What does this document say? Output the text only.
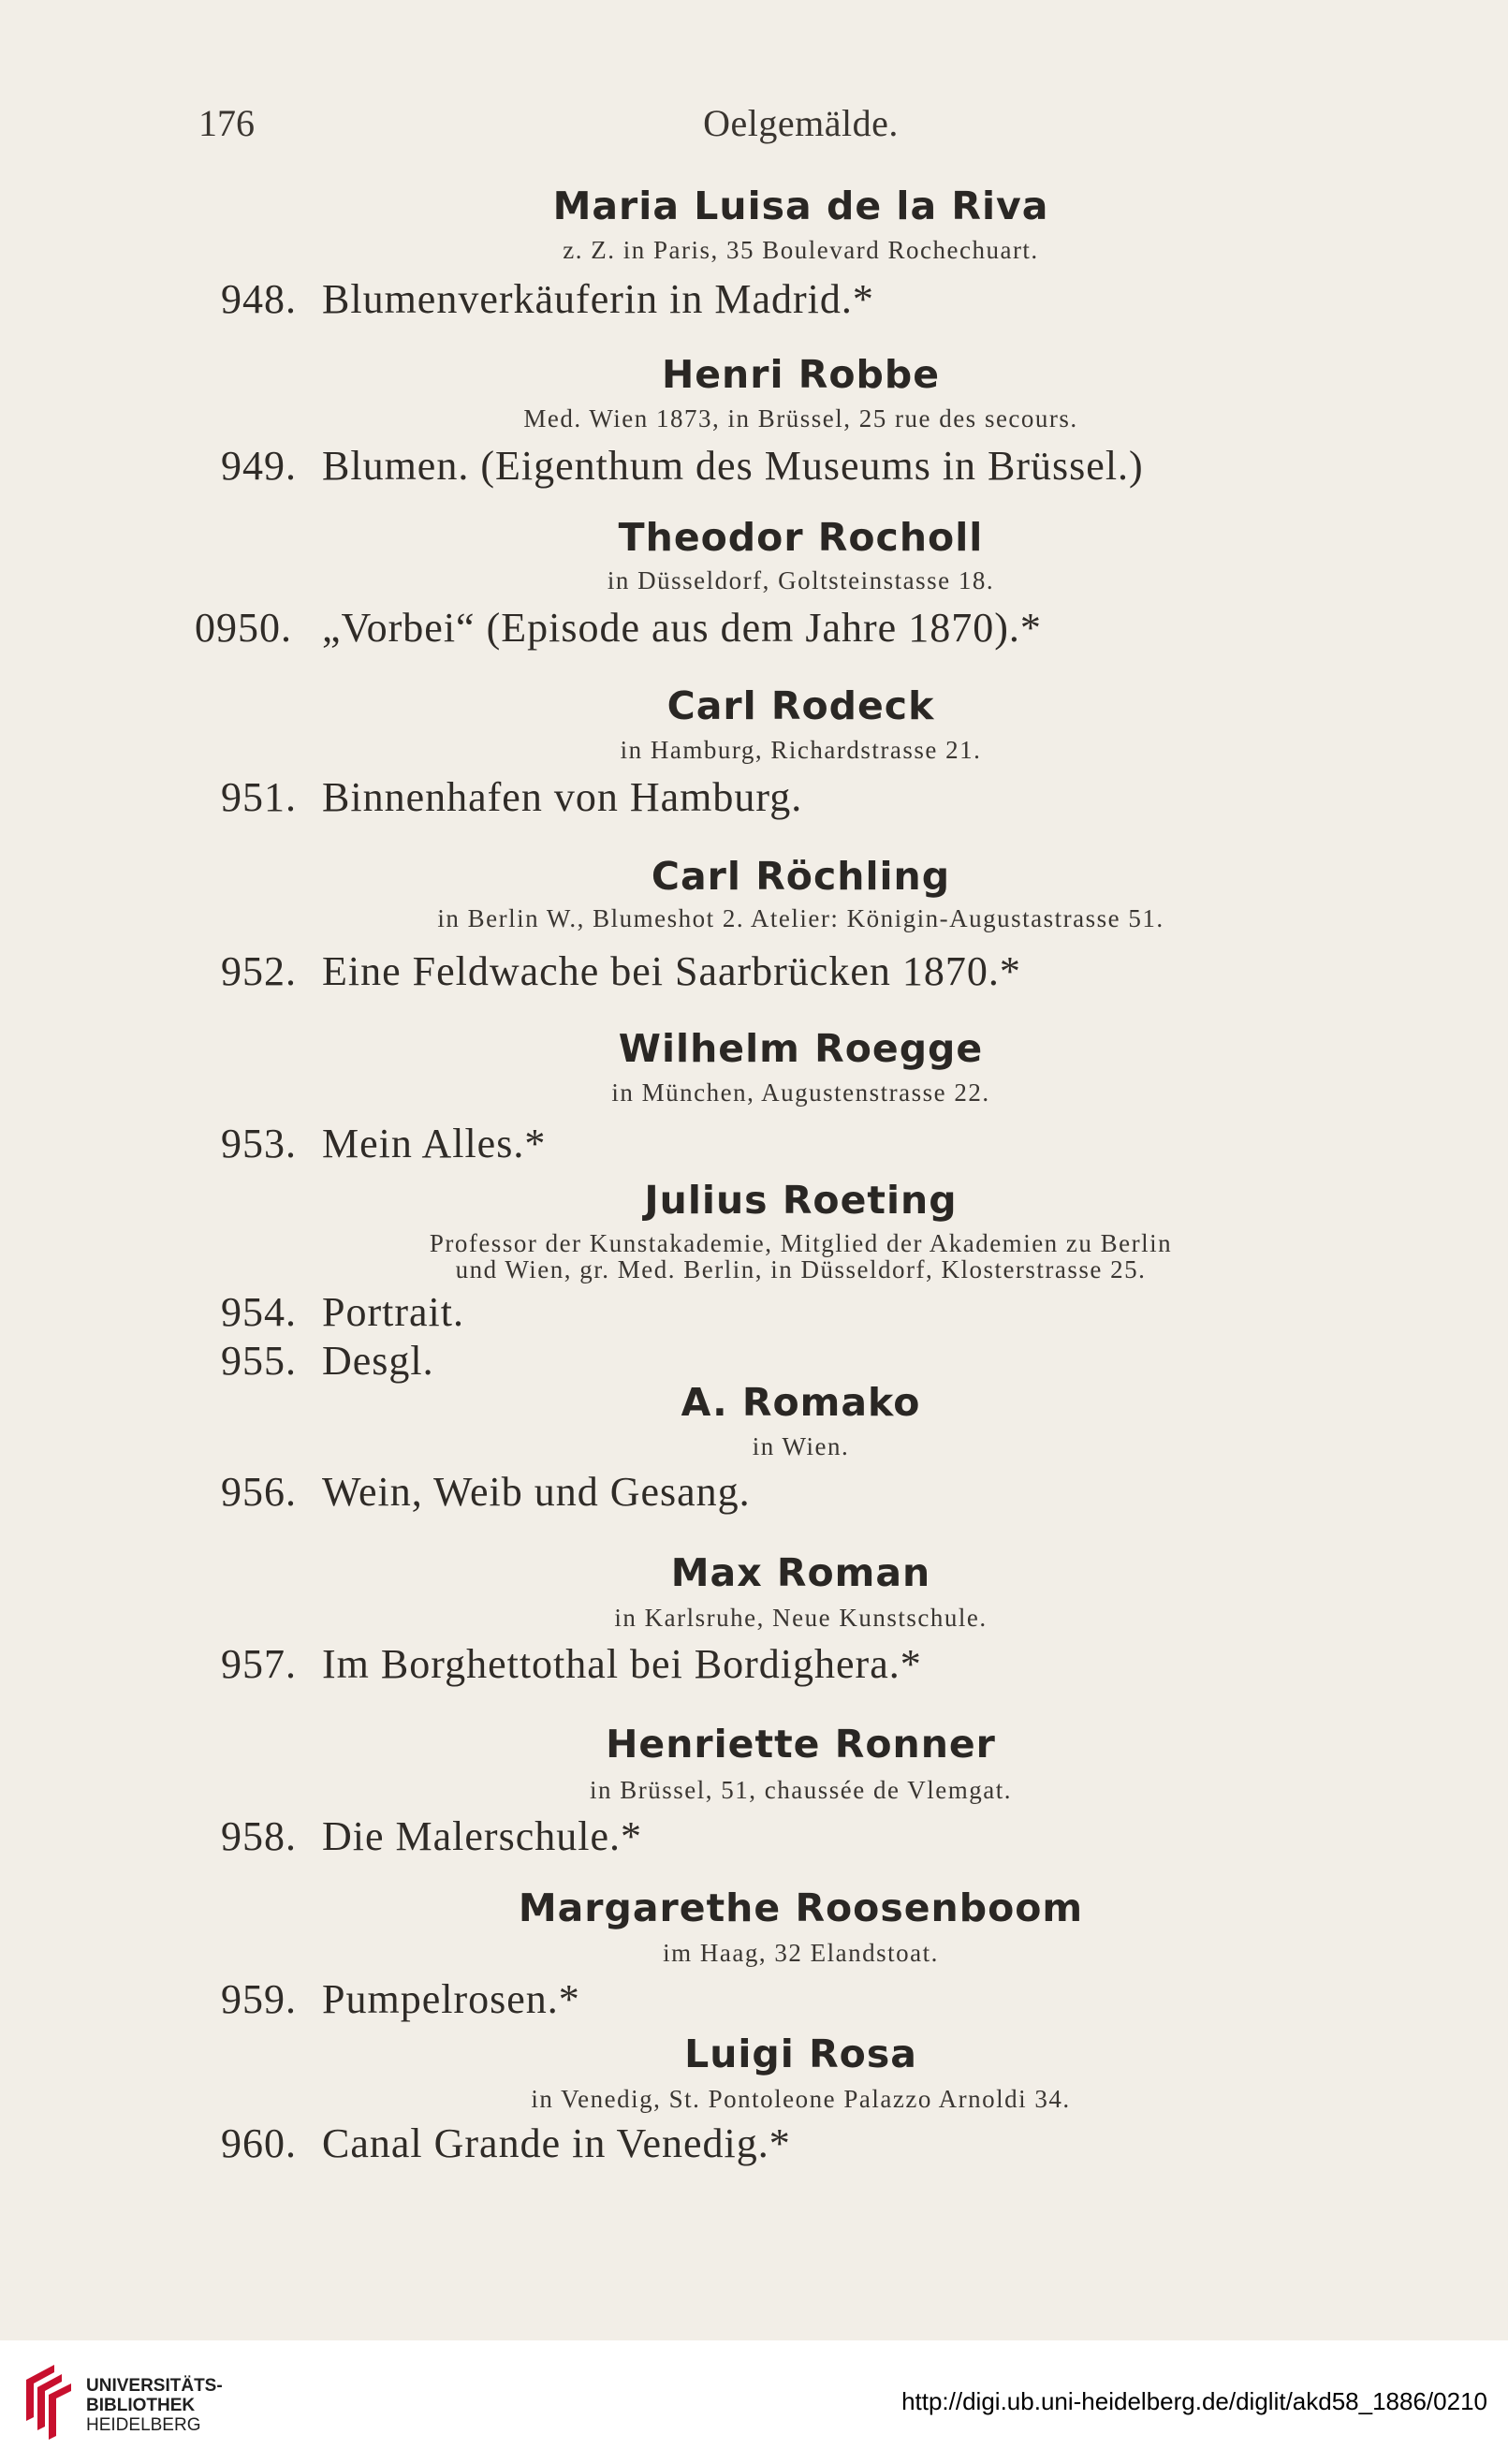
176	Oelgemälde.
Maria Luisa de la Riva
z. Z. in Paris, 35 Boulevard Rochechuart.
948. Blumenverkäuferin in Madrid.*
Henri Robbe
Med. Wien 1873, in Brüssel, 25 rue des secours.
949. Blumen. (Eigenthum des Museums in Brüssel.)
Theodor Rocholl
in Düsseldorf, Goltsteinstasse 18.
0950. „Vorbei“ (Episode aus dem Jahre 1870).*
Carl Rodeck
in Hamburg, Richardstrasse 21.
951. Binnenhafen von Hamburg.
Carl Röchling
in Berlin W., Blumeshot 2. Atelier: Königin-Augustastrasse 51.
952. Eine Feldwache bei Saarbrücken 1870.*
Wilhelm Roegge
in München, Augustenstrasse 22.
953. Mein Alles.*
Julius Roeting
Professor der Kunstakademie, Mitglied der Akademien zu Berlin
und Wien, gr. Med. Berlin, in Düsseldorf, Klosterstrasse 25.
954. Portrait.
955. Desgl.
A. Romako
in Wien.
956. Wein, Weib und Gesang.
Max Roman
in Karlsruhe, Neue Kunstschule.
957. Im Borghettothal bei Bordighera.*
Henriette Ronner
in Brüssel, 51, chaussée de Vlemgat.
958. Die Malerschule.*
Margarethe Roosenboom
im Haag, 32 Elandstoat.
959. Pumpelrosen.*
Luigi Rosa
in Venedig, St. Pontoleone Palazzo Arnoldi 34.
960. Canal Grande in Venedig.*
UNIVERSITÄTS-
BIBLIOTHEK
HEIDELBERG
http://digi.ub.uni-heidelberg.de/diglit/akd58_1886/0210
